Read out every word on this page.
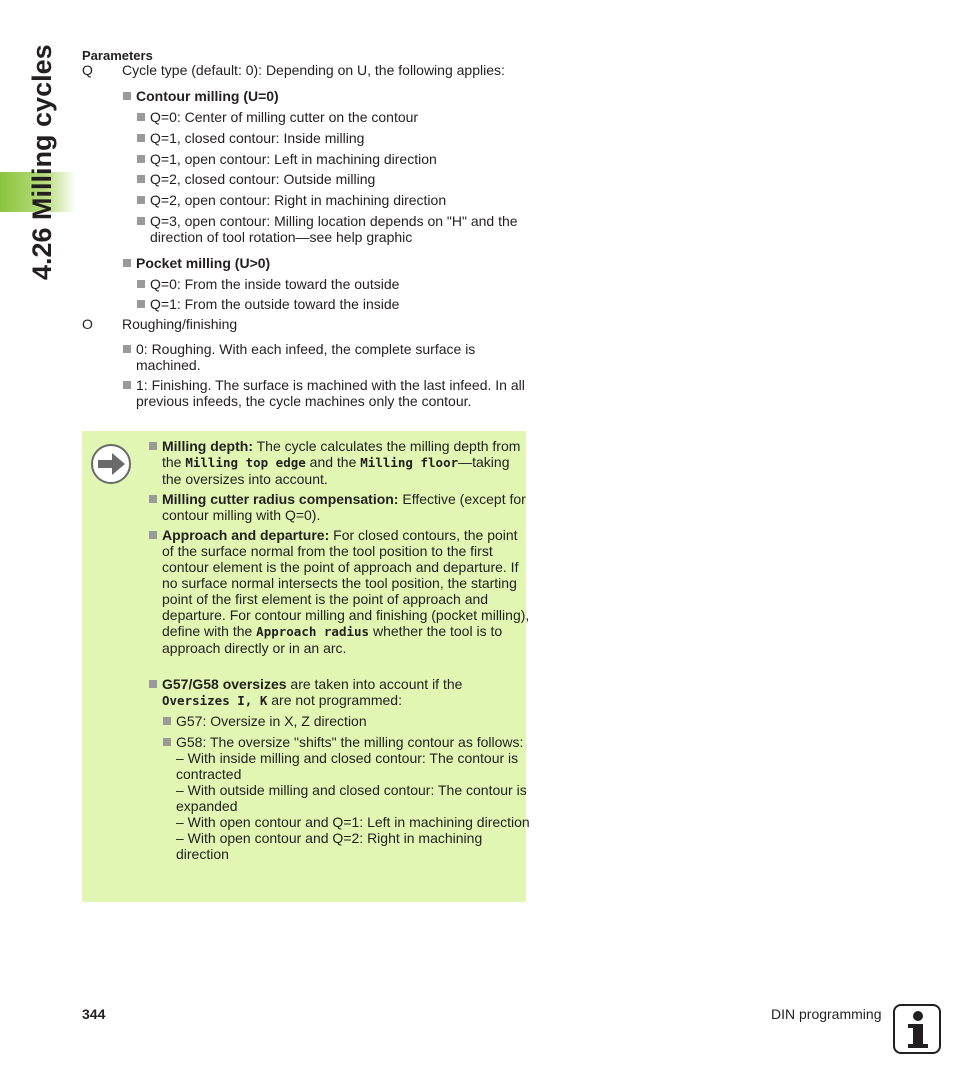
4.26 Milling cycles	Parameters
Q Cycle type (default: 0): Depending on U, the following applies:
Contour milling (U=0)
Q=0: Center of milling cutter on the contour
Q=1, closed contour: Inside milling
Q=1, open contour: Left in machining direction
Q=2, closed contour: Outside milling
Q=2, open contour: Right in machining direction
Q=3, open contour: Milling location depends on "H" and the direction of tool rotation—see help graphic
Pocket milling (U>0)
Q=0: From the inside toward the outside
Q=1: From the outside toward the inside
O Roughing/finishing
0: Roughing. With each infeed, the complete surface is machined.
1: Finishing. The surface is machined with the last infeed. In all previous infeeds, the cycle machines only the contour.
Milling depth: The cycle calculates the milling depth from the Milling top edge and the Milling floor—taking the oversizes into account.
Milling cutter radius compensation: Effective (except for contour milling with Q=0).
Approach and departure: For closed contours, the point of the surface normal from the tool position to the first contour element is the point of approach and departure. If no surface normal intersects the tool position, the starting point of the first element is the point of approach and departure. For contour milling and finishing (pocket milling), define with the Approach radius whether the tool is to approach directly or in an arc.
G57/G58 oversizes are taken into account if the Oversizes I, K are not programmed:
G57: Oversize in X, Z direction
G58: The oversize "shifts" the milling contour as follows:
– With inside milling and closed contour: The contour is contracted
– With outside milling and closed contour: The contour is expanded
– With open contour and Q=1: Left in machining direction
– With open contour and Q=2: Right in machining direction
344	DIN programming
